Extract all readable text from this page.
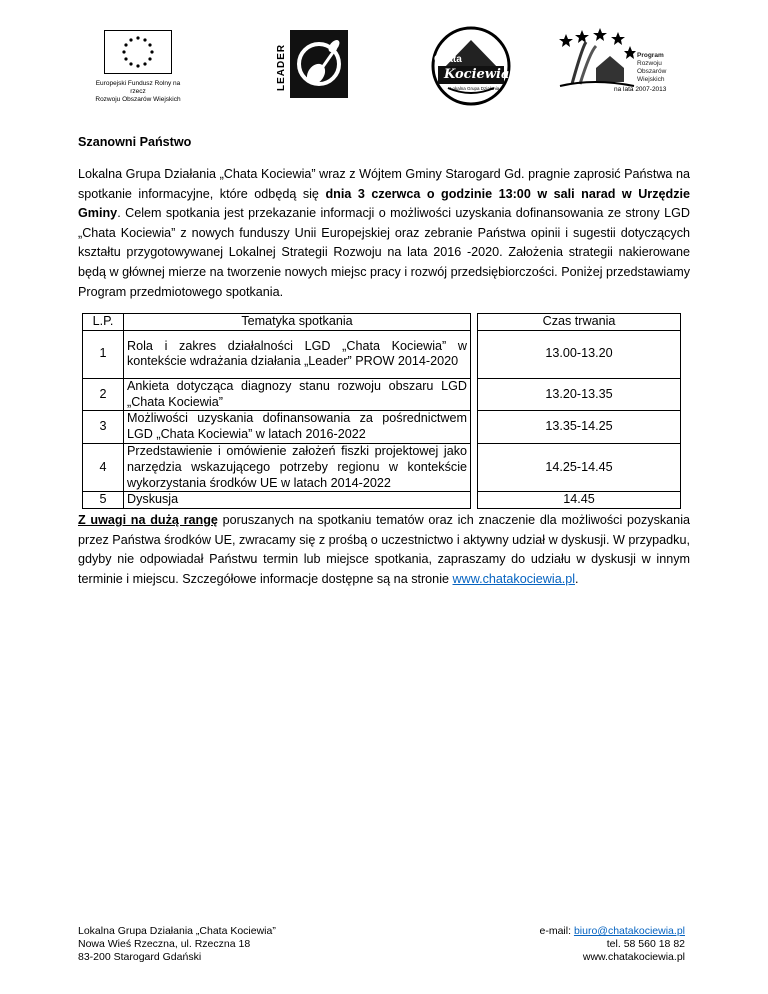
Europejski Fundusz Rolny na rzecz
Rozwoju Obszarów Wiejskich
LEADER	Chata
Kociewia
Lokalna Grupa Działania
Program
Rozwoju
Obszarów
Wiejskich
na lata 2007-2013
Szanowni Państwo

Lokalna Grupa Działania „Chata Kociewia” wraz z Wójtem Gminy Starogard Gd. pragnie zaprosić Państwa na spotkanie informacyjne, które odbędą się dnia 3 czerwca o godzinie 13:00 w sali narad w Urzędzie Gminy. Celem spotkania jest przekazanie informacji o możliwości uzyskania dofinansowania ze strony LGD „Chata Kociewia” z nowych funduszy Unii Europejskiej oraz zebranie Państwa opinii i sugestii dotyczących kształtu przygotowywanej Lokalnej Strategii Rozwoju na lata 2016 -2020. Założenia strategii nakierowane będą w głównej mierze na tworzenie nowych miejsc pracy i rozwój przedsiębiorczości. Poniżej przedstawiamy Program przedmiotowego spotkania.

L.P.	Tematyka spotkania		Czas trwania
1	Rola i zakres działalności LGD „Chata Kociewia” w kontekście wdrażania działania „Leader” PROW 2014-2020		13.00-13.20
2	Ankieta dotycząca diagnozy stanu rozwoju obszaru LGD „Chata Kociewia”		13.20-13.35
3	Możliwości uzyskania dofinansowania za pośrednictwem LGD „Chata Kociewia” w latach 2016-2022		13.35-14.25
4	Przedstawienie i omówienie założeń fiszki projektowej jako narzędzia wskazującego potrzeby regionu w kontekście wykorzystania środków UE w latach 2014-2022		14.25-14.45
5	Dyskusja		14.45

Z uwagi na dużą rangę poruszanych na spotkaniu tematów oraz ich znaczenie dla możliwości pozyskania przez Państwa środków UE, zwracamy się z prośbą o uczestnictwo i aktywny udział w dyskusji. W przypadku, gdyby nie odpowiadał Państwu termin lub miejsce spotkania, zapraszamy do udziału w dyskusji w innym terminie i miejscu. Szczegółowe informacje dostępne są na stronie www.chatakociewia.pl.

Lokalna Grupa Działania „Chata Kociewia”
Nowa Wieś Rzeczna, ul. Rzeczna 18
83-200 Starogard Gdański
e-mail: biuro@chatakociewia.pl
tel. 58 560 18 82
www.chatakociewia.pl
